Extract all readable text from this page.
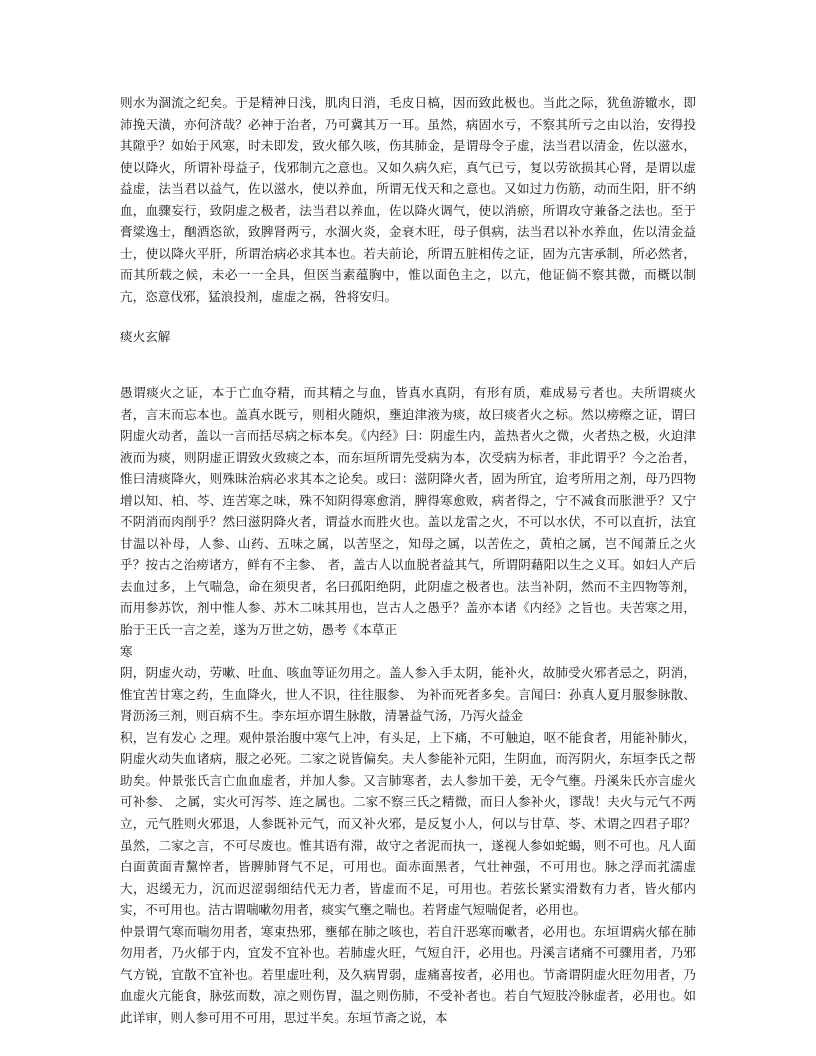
则水为涸流之纪矣。于是精神日浅，肌肉日消，毛皮日槁，因而致此极也。当此之际，犹鱼游辙水，即沛挽天潢，亦何济哉？必神于治者，乃可冀其万一耳。虽然，病固水亏，不察其所亏之由以治，安得投其隙乎？如始于风寒，时未即发，致火郁久咳，伤其肺金，是谓母令子虚，法当君以清金，佐以滋水，使以降火，所谓补母益子，伐邪制亢之意也。又如久病久疟，真气已亏，复以劳欲损其心肾，是谓以虚益虚，法当君以益气，佐以滋水，使以养血，所谓无伐天和之意也。又如过力伤筋，动而生阳，肝不纳血，血骤妄行，致阴虚之极者，法当君以养血，佐以降火调气，使以消瘀，所谓攻守兼备之法也。至于膏粱逸士，酗酒恣欲，致脾肾两亏，水涸火炎，金衰木旺，母子俱病，法当君以补水养血，佐以清金益士，使以降火平肝，所谓治病必求其本也。若夫前论，所谓五脏相传之证，固为亢害承制，所必然者，而其所载之候，未必一一全具，但医当素蕴胸中，惟以面色主之，以亢，他证倘不察其微，而概以制亢，恣意伐邪，猛浪投剂，虚虚之祸，咎将安归。

痰火玄解

愚谓痰火之证，本于亡血夺精，而其精之与血，皆真水真阴，有形有质，难成易亏者也。夫所谓痰火者，言末而忘本也。盖真水既亏，则相火随炽，壅迫津液为痰，故曰痰者火之标。然以痨瘵之证，谓曰阴虚火动者，盖以一言而括尽病之标本矣。《内经》曰：阴虚生内，盖热者火之微，火者热之极，火迫津液而为痰，则阴虚正谓致火致痰之本，而东垣所谓先受病为本，次受病为标者，非此谓乎？今之治者，惟曰清痰降火，则殊昧治病必求其本之论矣。或曰：滋阴降火者，固为所宜，迨考所用之剂，母乃四物增以知、柏、芩、连苦寒之味，殊不知阴得寒愈消，脾得寒愈败，病者得之，宁不减食而胀泄乎？又宁不阴消而肉削乎？然曰滋阴降火者，谓益水而胜火也。盖以龙雷之火，不可以水伏，不可以直折，法宜甘温以补母，人参、山药、五味之属，以苦坚之，知母之属，以苦佐之，黄柏之属，岂不闻萧丘之火乎？按古之治痨诸方，鲜有不主参、 者，盖古人以血脱者益其气，所谓阴藉阳以生之义耳。如妇人产后去血过多，上气喘急，命在须臾者，名曰孤阳绝阴，此阴虚之极者也。法当补阴，然而不主四物等剂，而用参苏饮，剂中惟人参、苏木二味其用也，岂古人之愚乎？盖亦本诸《内经》之旨也。夫苦寒之用，胎于王氏一言之差，遂为万世之妨，愚考《本草正

寒

阴，阴虚火动，劳嗽、吐血、咳血等证勿用之。盖人参入手太阴，能补火，故肺受火邪者忌之，阴消，惟宜苦甘寒之药，生血降火，世人不识，往往服参、 为补而死者多矣。言闻曰：孙真人夏月服参脉散、肾沥汤三剂，则百病不生。李东垣亦谓生脉散，清暑益气汤，乃泻火益金

积，岂有发心 之理。观仲景治腹中寒气上冲，有头足，上下痛，不可触迫，呕不能食者，用能补肺火，阴虚火动失血诸病，服之必死。二家之说皆偏矣。夫人参能补元阳，生阴血，而泻阴火，东垣李氏之帮助矣。仲景张氏言亡血血虚者，并加人参。又言肺寒者，去人参加干姜，无令气壅。丹溪朱氏亦言虚火可补参、 之属，实火可泻芩、连之属也。二家不察三氏之精微，而日人参补火，谬哉！夫火与元气不两立，元气胜则火邪退，人参既补元气，而又补火邪，是反复小人，何以与甘草、苓、术谓之四君子耶？虽然，二家之言，不可尽废也。惟其语有滞，故守之者泥而执一，遂视人参如蛇蝎，则不可也。凡人面白面黄面青黧悴者，皆脾肺肾气不足，可用也。面赤面黑者，气壮神强，不可用也。脉之浮而芤濡虚大，迟缓无力，沉而迟涩弱细结代无力者，皆虚而不足，可用也。若弦长紧实滑数有力者，皆火郁内实，不可用也。洁古谓喘嗽勿用者，痰实气壅之喘也。若肾虚气短喘促者，必用也。

仲景谓气寒而喘勿用者，寒束热邪，壅郁在肺之咳也，若自汗恶寒而嗽者，必用也。东垣谓病火郁在肺勿用者，乃火郁于内，宜发不宜补也。若肺虚火旺，气短自汗，必用也。丹溪言诸痛不可骤用者，乃邪气方锐，宜散不宜补也。若里虚吐利，及久病胃弱，虚痛喜按者，必用也。节斋谓阴虚火旺勿用者，乃血虚火亢能食，脉弦而数，凉之则伤胃，温之则伤肺，不受补者也。若自气短肢冷脉虚者，必用也。如此详审，则人参可用不可用，思过半矣。东垣节斋之说，本
